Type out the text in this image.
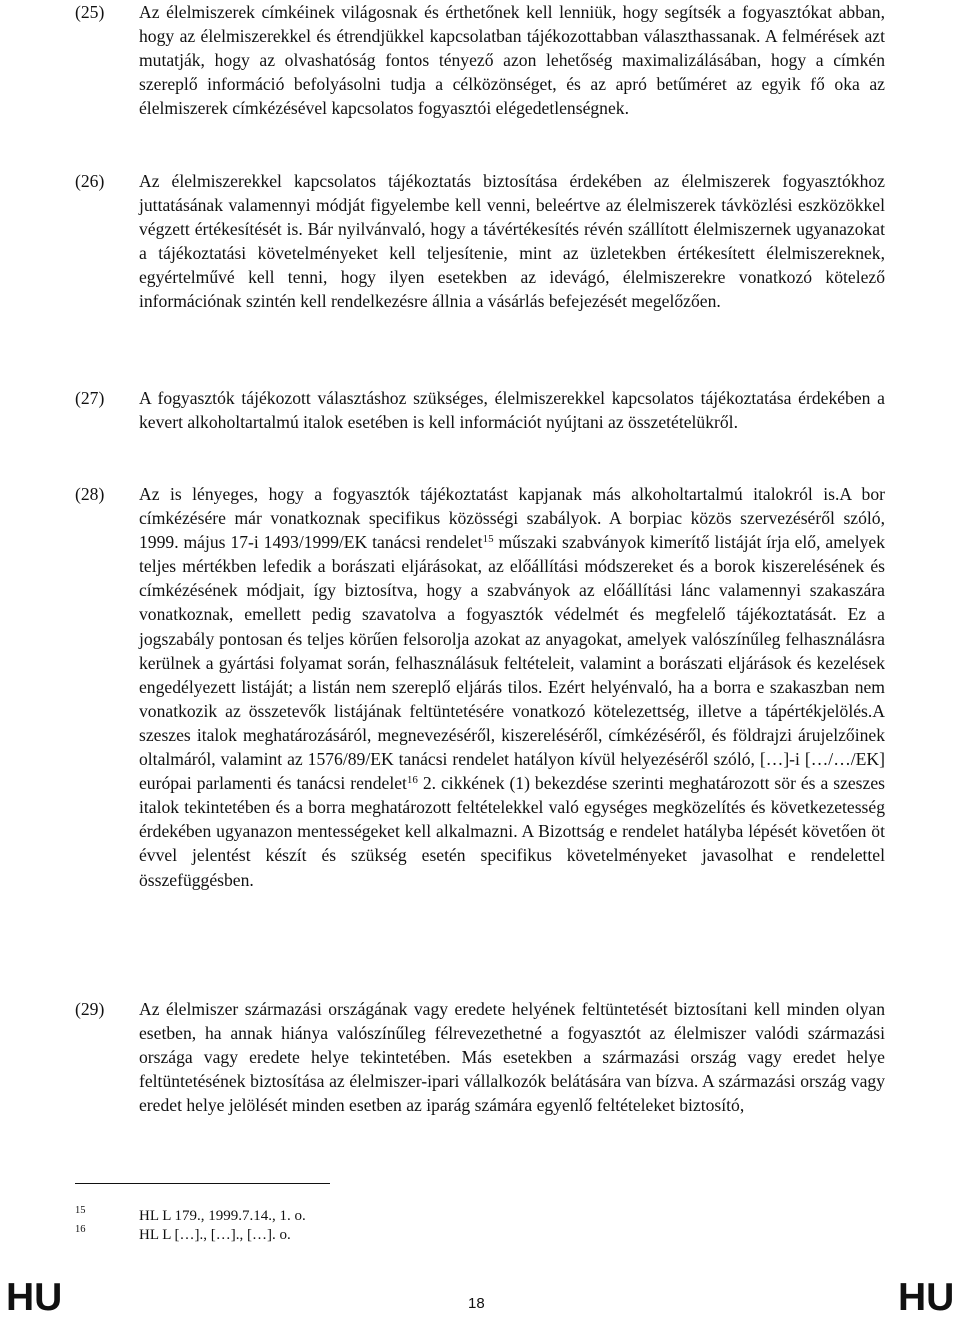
(25) Az élelmiszerek címkéinek világosnak és érthetőnek kell lenniük, hogy segítsék a fogyasztókat abban, hogy az élelmiszerekkel és étrendjükkel kapcsolatban tájékozottabban választhassanak. A felmérések azt mutatják, hogy az olvashatóság fontos tényező azon lehetőség maximalizálásában, hogy a címkén szereplő információ befolyásolni tudja a célközönséget, és az apró betűméret az egyik fő oka az élelmiszerek címkézésével kapcsolatos fogyasztói elégedetlenségnek.
(26) Az élelmiszerekkel kapcsolatos tájékoztatás biztosítása érdekében az élelmiszerek fogyasztókhoz juttatásának valamennyi módját figyelembe kell venni, beleértve az élelmiszerek távközlési eszközökkel végzett értékesítését is. Bár nyilvánvaló, hogy a távértékesítés révén szállított élelmiszernek ugyanazokat a tájékoztatási követelményeket kell teljesítenie, mint az üzletekben értékesített élelmiszereknek, egyértelművé kell tenni, hogy ilyen esetekben az idevágó, élelmiszerekre vonatkozó kötelező információnak szintén kell rendelkezésre állnia a vásárlás befejezését megelőzően.
(27) A fogyasztók tájékozott választáshoz szükséges, élelmiszerekkel kapcsolatos tájékoztatása érdekében a kevert alkoholtartalmú italok esetében is kell információt nyújtani az összetételükről.
(28) Az is lényeges, hogy a fogyasztók tájékoztatást kapjanak más alkoholtartalmú italokról is.A bor címkézésére már vonatkoznak specifikus közösségi szabályok. A borpiac közös szervezéséről szóló, 1999. május 17-i 1493/1999/EK tanácsi rendelet$^{15}$ műszaki szabványok kimerítő listáját írja elő, amelyek teljes mértékben lefedik a borászati eljárásokat, az előállítási módszereket és a borok kiszerelésének és címkézésének módjait, így biztosítva, hogy a szabványok az előállítási lánc valamennyi szakaszára vonatkoznak, emellett pedig szavatolva a fogyasztók védelmét és megfelelő tájékoztatását. Ez a jogszabály pontosan és teljes körűen felsorolja azokat az anyagokat, amelyek valószínűleg felhasználásra kerülnek a gyártási folyamat során, felhasználásuk feltételeit, valamint a borászati eljárások és kezelések engedélyezett listáját; a listán nem szereplő eljárás tilos. Ezért helyénvaló, ha a borra e szakaszban nem vonatkozik az összetevők listájának feltüntetésére vonatkozó kötelezettség, illetve a tápértékjelölés.A szeszes italok meghatározásáról, megnevezéséről, kiszereléséről, címkézéséről, és földrajzi árujelzőinek oltalmáról, valamint az 1576/89/EK tanácsi rendelet hatályon kívül helyezéséről szóló, […]-i […/…/EK] európai parlamenti és tanácsi rendelet$^{16}$ 2. cikkének (1) bekezdése szerinti meghatározott sör és a szeszes italok tekintetében és a borra meghatározott feltételekkel való egységes megközelítés és következetesség érdekében ugyanazon mentességeket kell alkalmazni. A Bizottság e rendelet hatályba lépését követően öt évvel jelentést készít és szükség esetén specifikus követelményeket javasolhat e rendelettel összefüggésben.
(29) Az élelmiszer származási országának vagy eredete helyének feltüntetését biztosítani kell minden olyan esetben, ha annak hiánya valószínűleg félrevezethetné a fogyasztót az élelmiszer valódi származási országa vagy eredete helye tekintetében. Más esetekben a származási ország vagy eredet helye feltüntetésének biztosítása az élelmiszer-ipari vállalkozók belátására van bízva. A származási ország vagy eredet helye jelölését minden esetben az iparág számára egyenlő feltételeket biztosító,
15	HL L 179., 1999.7.14., 1. o.
16	HL L […]., […]., […]. o.
HU	18	HU
